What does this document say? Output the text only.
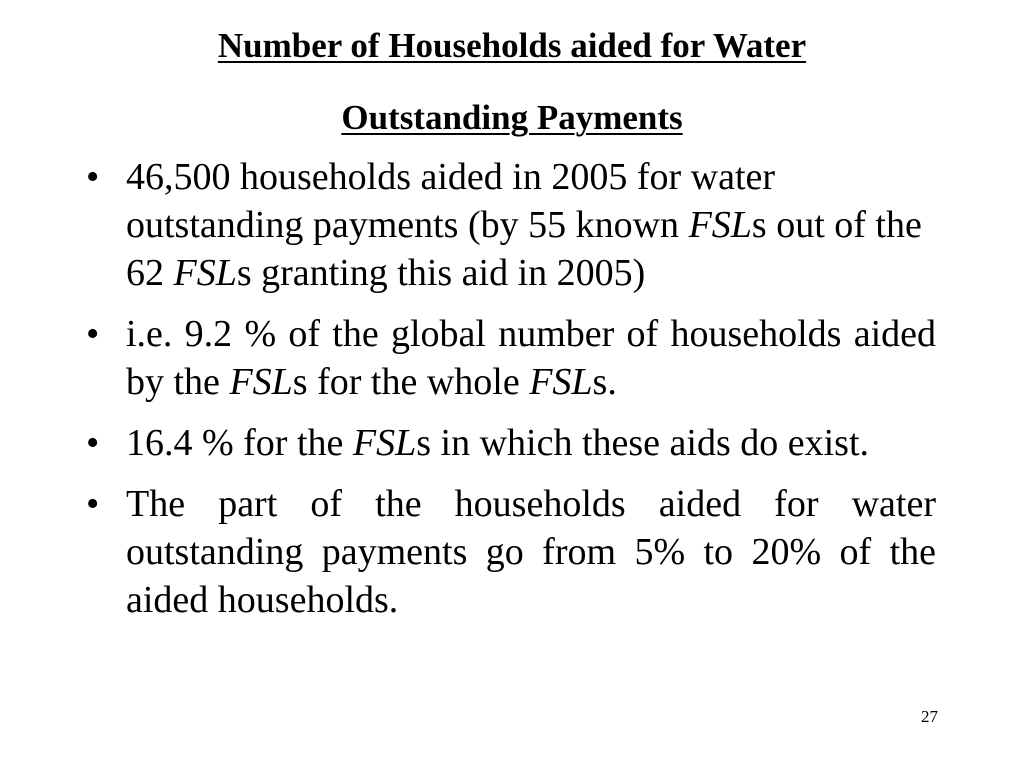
Number of Households aided for Water
Outstanding Payments
• 46,500 households aided in 2005 for water outstanding payments (by 55 known FSLs out of the 62 FSLs granting this aid in 2005)
• i.e. 9.2 % of the global number of households aided by the FSLs for the whole FSLs.
• 16.4 % for the FSLs in which these aids do exist.
• The part of the households aided for water outstanding payments go from 5% to 20% of the aided households.
27
